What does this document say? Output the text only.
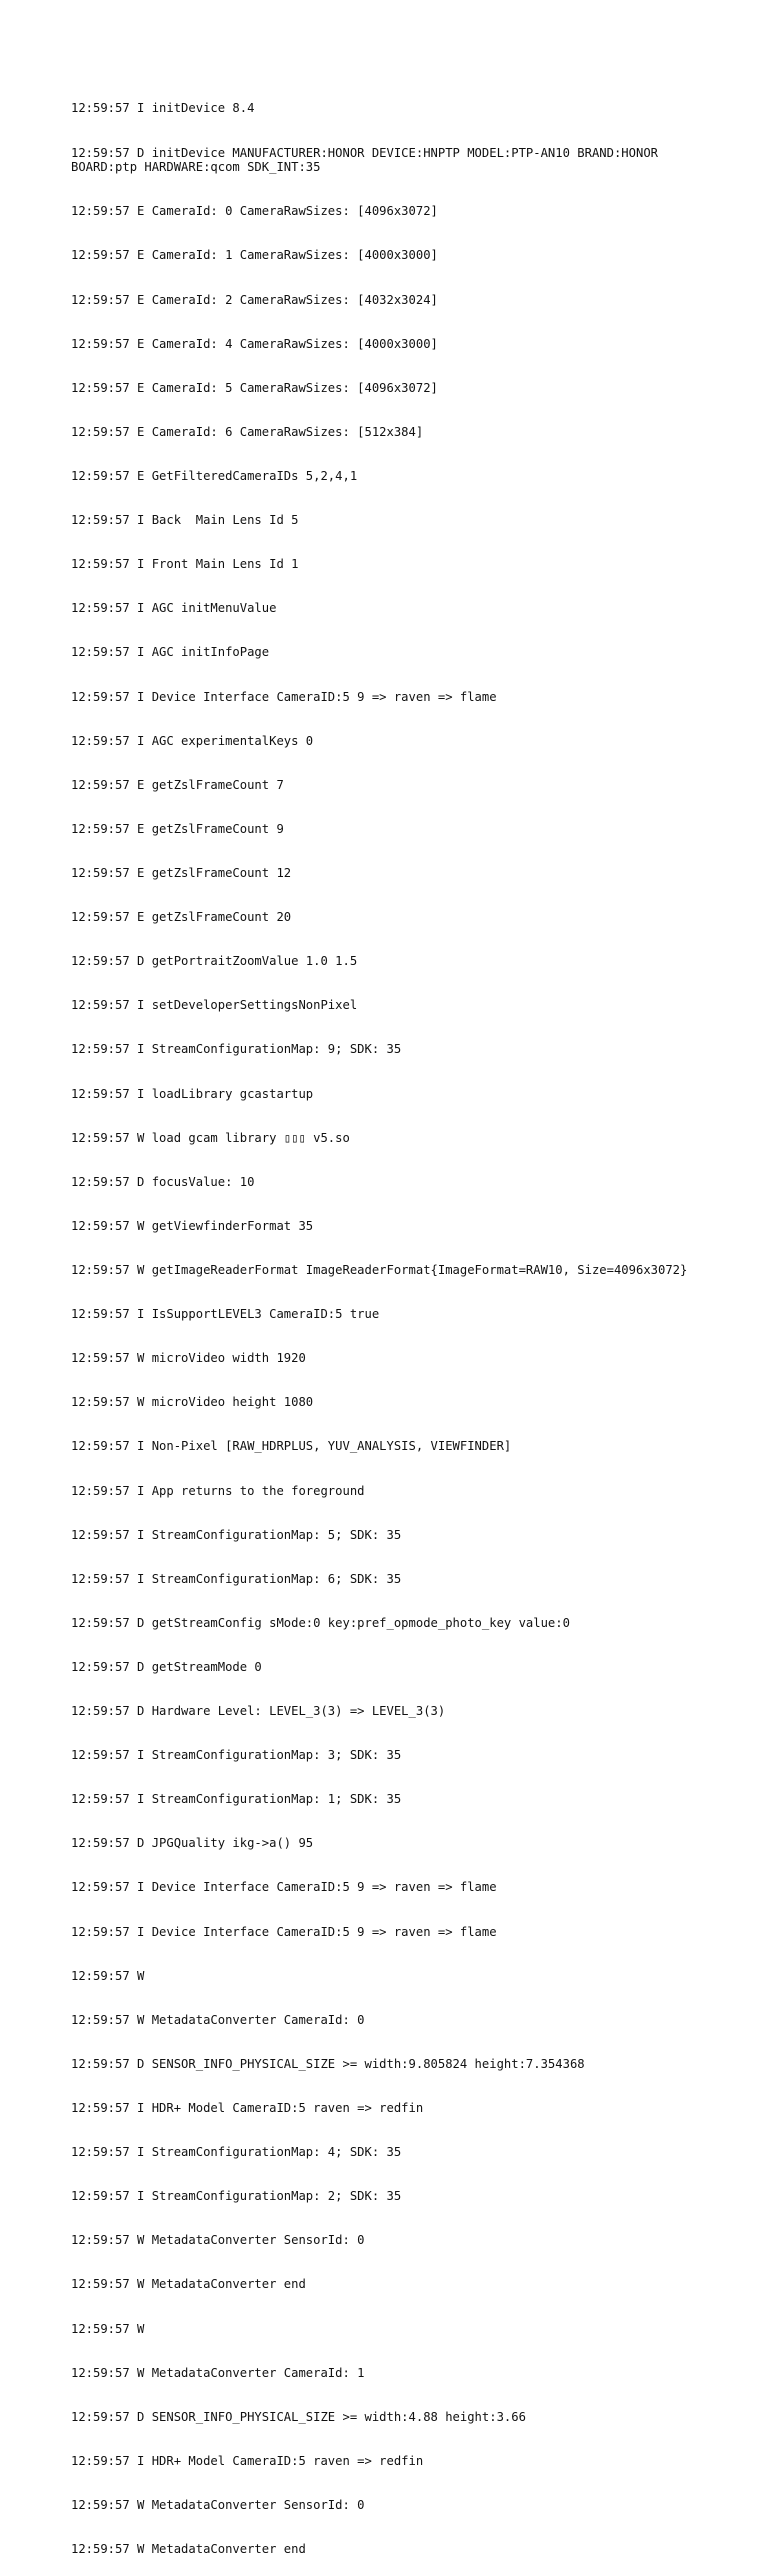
12:59:57 I initDevice 8.4

12:59:57 D initDevice MANUFACTURER:HONOR DEVICE:HNPTP MODEL:PTP-AN10 BRAND:HONOR BOARD:ptp HARDWARE:qcom SDK_INT:35

12:59:57 E CameraId: 0 CameraRawSizes: [4096x3072]

12:59:57 E CameraId: 1 CameraRawSizes: [4000x3000]

12:59:57 E CameraId: 2 CameraRawSizes: [4032x3024]

12:59:57 E CameraId: 4 CameraRawSizes: [4000x3000]

12:59:57 E CameraId: 5 CameraRawSizes: [4096x3072]

12:59:57 E CameraId: 6 CameraRawSizes: [512x384]

12:59:57 E GetFilteredCameraIDs 5,2,4,1

12:59:57 I Back  Main Lens Id 5

12:59:57 I Front Main Lens Id 1

12:59:57 I AGC initMenuValue

12:59:57 I AGC initInfoPage

12:59:57 I Device Interface CameraID:5 9 => raven => flame

12:59:57 I AGC experimentalKeys 0

12:59:57 E getZslFrameCount 7

12:59:57 E getZslFrameCount 9

12:59:57 E getZslFrameCount 12

12:59:57 E getZslFrameCount 20

12:59:57 D getPortraitZoomValue 1.0 1.5

12:59:57 I setDeveloperSettingsNonPixel

12:59:57 I StreamConfigurationMap: 9; SDK: 35

12:59:57 I loadLibrary gcastartup

12:59:57 W load gcam library ▯▯▯ v5.so

12:59:57 D focusValue: 10

12:59:57 W getViewfinderFormat 35

12:59:57 W getImageReaderFormat ImageReaderFormat{ImageFormat=RAW10, Size=4096x3072}

12:59:57 I IsSupportLEVEL3 CameraID:5 true

12:59:57 W microVideo width 1920

12:59:57 W microVideo height 1080

12:59:57 I Non-Pixel [RAW_HDRPLUS, YUV_ANALYSIS, VIEWFINDER]

12:59:57 I App returns to the foreground

12:59:57 I StreamConfigurationMap: 5; SDK: 35

12:59:57 I StreamConfigurationMap: 6; SDK: 35

12:59:57 D getStreamConfig sMode:0 key:pref_opmode_photo_key value:0

12:59:57 D getStreamMode 0

12:59:57 D Hardware Level: LEVEL_3(3) => LEVEL_3(3)

12:59:57 I StreamConfigurationMap: 3; SDK: 35

12:59:57 I StreamConfigurationMap: 1; SDK: 35

12:59:57 D JPGQuality ikg->a() 95

12:59:57 I Device Interface CameraID:5 9 => raven => flame

12:59:57 I Device Interface CameraID:5 9 => raven => flame

12:59:57 W

12:59:57 W MetadataConverter CameraId: 0

12:59:57 D SENSOR_INFO_PHYSICAL_SIZE >= width:9.805824 height:7.354368

12:59:57 I HDR+ Model CameraID:5 raven => redfin

12:59:57 I StreamConfigurationMap: 4; SDK: 35

12:59:57 I StreamConfigurationMap: 2; SDK: 35

12:59:57 W MetadataConverter SensorId: 0

12:59:57 W MetadataConverter end

12:59:57 W

12:59:57 W MetadataConverter CameraId: 1

12:59:57 D SENSOR_INFO_PHYSICAL_SIZE >= width:4.88 height:3.66

12:59:57 I HDR+ Model CameraID:5 raven => redfin

12:59:57 W MetadataConverter SensorId: 0

12:59:57 W MetadataConverter end
